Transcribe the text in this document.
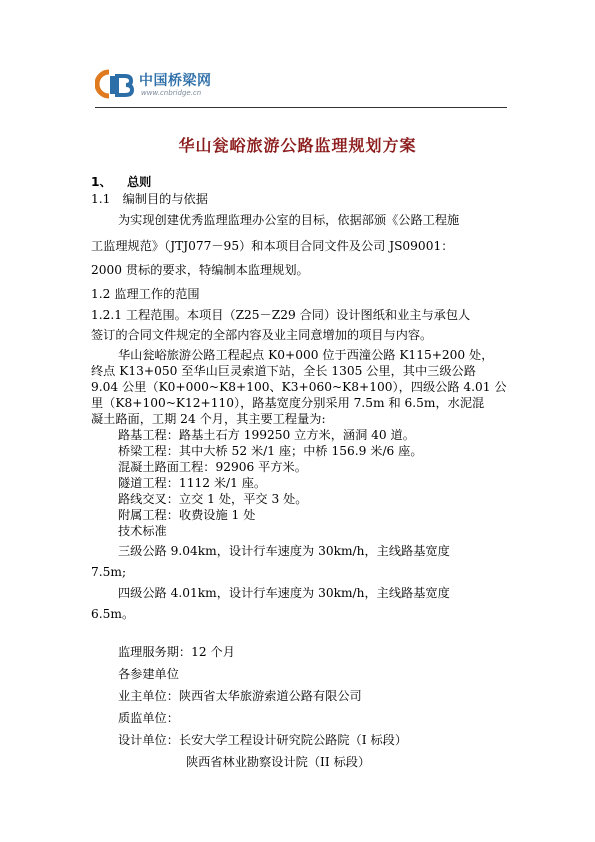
中国桥梁网
www.cnbridge.cn
华山瓮峪旅游公路监理规划方案
1、 总则
1.1　编制目的与依据
为实现创建优秀监理监理办公室的目标，依据部颁《公路工程施
工监理规范》（JTJ077－95）和本项目合同文件及公司 JS09001：
2000 贯标的要求，特编制本监理规划。
1.2 监理工作的范围
1.2.1 工程范围。本项目（Z25－Z29 合同）设计图纸和业主与承包人
签订的合同文件规定的全部内容及业主同意增加的项目与内容。
华山瓮峪旅游公路工程起点 K0+000 位于西潼公路 K115+200 处，
终点 K13+050 至华山巨灵索道下站，全长 1305 公里，其中三级公路
9.04 公里（K0+000~K8+100、K3+060~K8+100），四级公路 4.01 公
里（K8+100~K12+110），路基宽度分别采用 7.5m 和 6.5m，水泥混
凝土路面，工期 24 个月，其主要工程量为:
路基工程：路基土石方 199250 立方米，涵洞 40 道。
桥梁工程：其中大桥 52 米/1 座；中桥 156.9 米/6 座。
混凝土路面工程：92906 平方米。
隧道工程：1112 米/1 座。
路线交叉：立交 1 处，平交 3 处。
附属工程：收费设施 1 处
技术标准
三级公路 9.04km，设计行车速度为 30km/h，主线路基宽度
7.5m;
四级公路 4.01km，设计行车速度为 30km/h，主线路基宽度
6.5m。
监理服务期：12 个月
各参建单位
业主单位：陕西省太华旅游索道公路有限公司
质监单位：
设计单位：长安大学工程设计研究院公路院（I 标段）
陕西省林业勘察设计院（II 标段）
